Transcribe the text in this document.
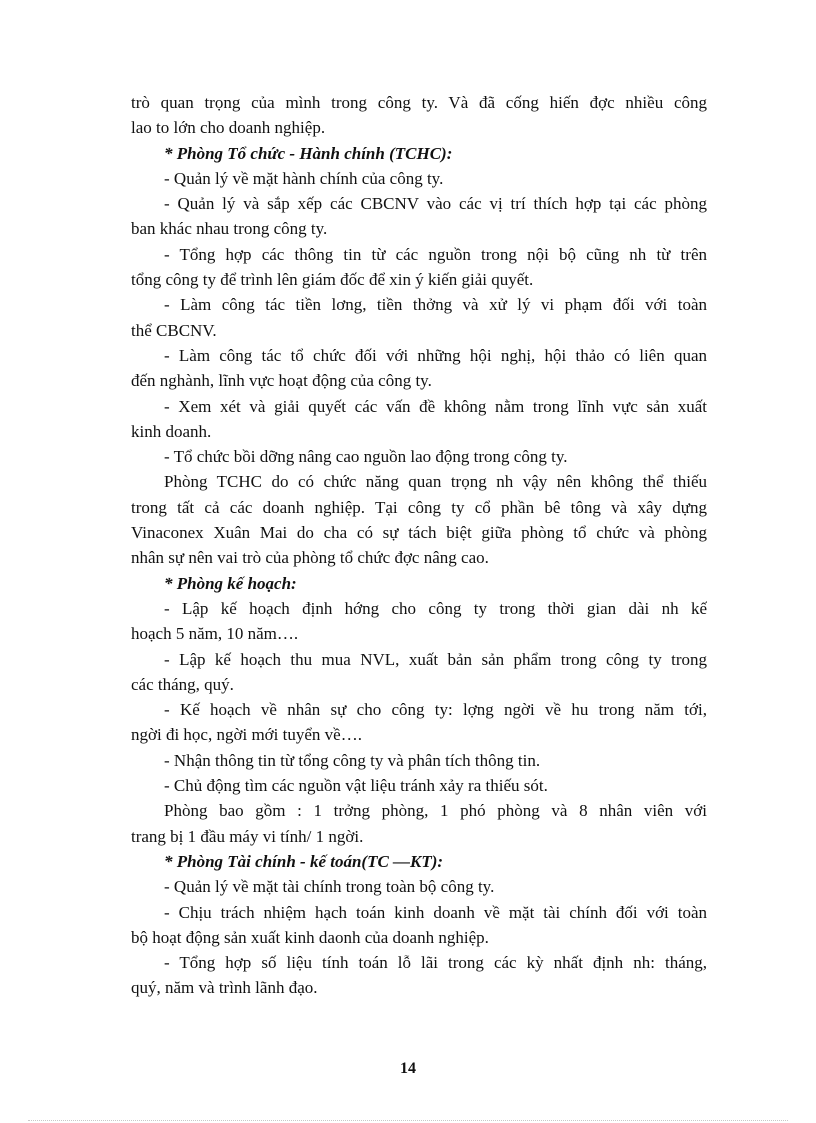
trò quan trọng của mình trong công ty. Và đã cống hiến đợc nhiều công
lao to lớn cho doanh nghiệp.
* Phòng Tổ chức - Hành chính (TCHC):
- Quản lý về mặt hành chính của công ty.
- Quản lý và sắp xếp các CBCNV vào các vị trí thích hợp tại các phòng
ban khác nhau trong công ty.
- Tổng hợp các thông tin từ các nguồn trong nội bộ cũng nh từ trên
tổng công ty để trình lên giám đốc để xin ý kiến giải quyết.
- Làm công tác tiền lơng, tiền thởng và xử lý vi phạm đối với toàn
thể CBCNV.
- Làm công tác tổ chức đối với những hội nghị, hội thảo có liên quan
đến nghành, lĩnh vực hoạt động của công ty.
- Xem xét và giải quyết các vấn đề không nằm trong lĩnh vực sản xuất
kinh doanh.
- Tổ chức bồi dỡng nâng cao nguồn lao động trong công ty.
Phòng TCHC do có chức năng quan trọng nh vậy nên không thể thiếu
trong tất cả các doanh nghiệp. Tại công ty cổ phần bê tông và xây dựng
Vinaconex Xuân Mai do cha có sự tách biệt giữa phòng tổ chức và phòng
nhân sự nên vai trò của phòng tổ chức đợc nâng cao.
* Phòng kế hoạch:
- Lập kế hoạch định hớng cho công ty trong thời gian dài nh kế
hoạch 5 năm, 10 năm….
- Lập kế hoạch thu mua NVL, xuất bản sản phẩm trong công ty trong
các tháng, quý.
- Kế hoạch về nhân sự cho công ty: lợng ngời về hu trong năm tới,
ngời đi học, ngời mới tuyển về….
- Nhận thông tin từ tổng công ty và phân tích thông tin.
- Chủ động tìm các nguồn vật liệu tránh xảy ra thiếu sót.
Phòng bao gồm : 1 trởng phòng, 1 phó phòng và 8 nhân viên với
trang bị 1 đầu máy vi tính/ 1 ngời.
* Phòng Tài chính - kế toán(TC —KT):
- Quản lý về mặt tài chính trong toàn bộ công ty.
- Chịu trách nhiệm hạch toán kinh doanh về mặt tài chính đối với toàn
bộ hoạt động sản xuất kinh daonh của doanh nghiệp.
- Tổng hợp số liệu tính toán lỗ lãi trong các kỳ nhất định nh: tháng,
quý, năm và trình lãnh đạo.
14
